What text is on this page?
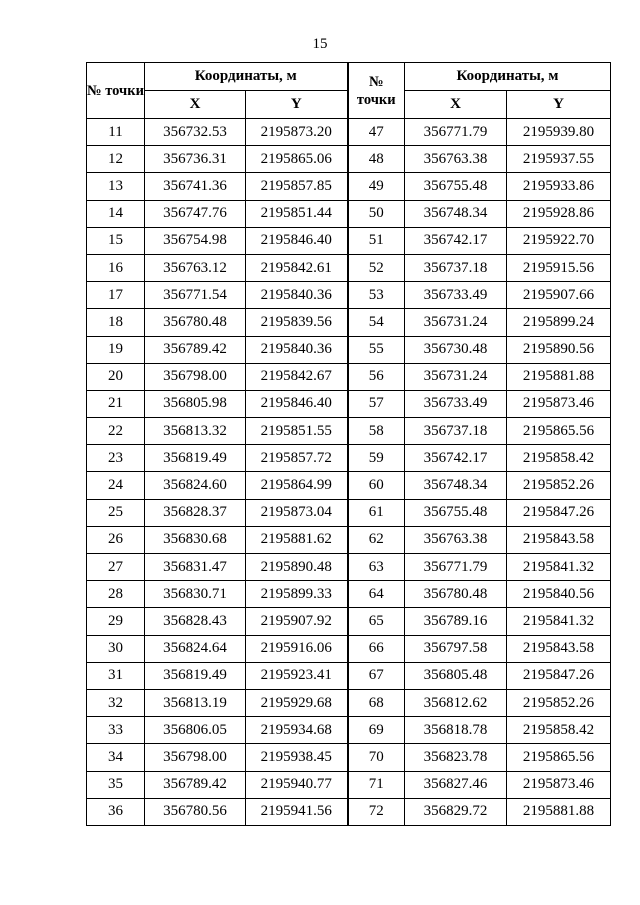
15
№ точки	Координаты, м		№ точки	Координаты, м	
	X	Y		X	Y
11	356732.53	2195873.20	47	356771.79	2195939.80
12	356736.31	2195865.06	48	356763.38	2195937.55
13	356741.36	2195857.85	49	356755.48	2195933.86
14	356747.76	2195851.44	50	356748.34	2195928.86
15	356754.98	2195846.40	51	356742.17	2195922.70
16	356763.12	2195842.61	52	356737.18	2195915.56
17	356771.54	2195840.36	53	356733.49	2195907.66
18	356780.48	2195839.56	54	356731.24	2195899.24
19	356789.42	2195840.36	55	356730.48	2195890.56
20	356798.00	2195842.67	56	356731.24	2195881.88
21	356805.98	2195846.40	57	356733.49	2195873.46
22	356813.32	2195851.55	58	356737.18	2195865.56
23	356819.49	2195857.72	59	356742.17	2195858.42
24	356824.60	2195864.99	60	356748.34	2195852.26
25	356828.37	2195873.04	61	356755.48	2195847.26
26	356830.68	2195881.62	62	356763.38	2195843.58
27	356831.47	2195890.48	63	356771.79	2195841.32
28	356830.71	2195899.33	64	356780.48	2195840.56
29	356828.43	2195907.92	65	356789.16	2195841.32
30	356824.64	2195916.06	66	356797.58	2195843.58
31	356819.49	2195923.41	67	356805.48	2195847.26
32	356813.19	2195929.68	68	356812.62	2195852.26
33	356806.05	2195934.68	69	356818.78	2195858.42
34	356798.00	2195938.45	70	356823.78	2195865.56
35	356789.42	2195940.77	71	356827.46	2195873.46
36	356780.56	2195941.56	72	356829.72	2195881.88
